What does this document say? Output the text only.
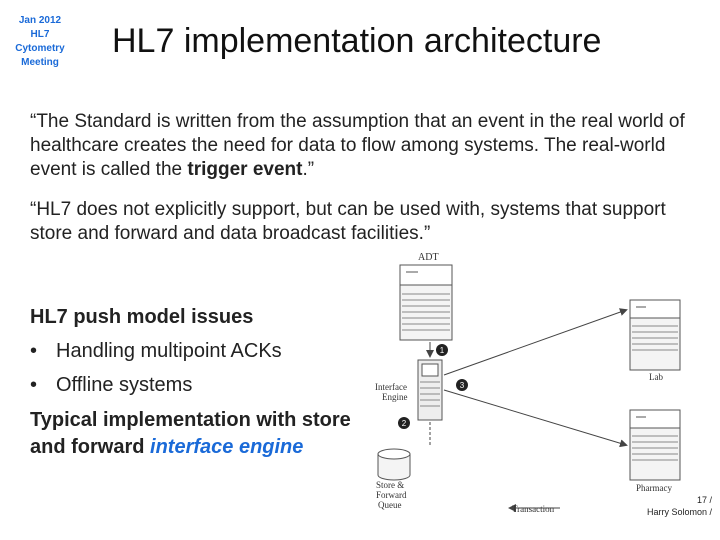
Jan 2012
HL7
Cytometry
Meeting
HL7 implementation architecture

“The Standard is written from the assumption that an event in the real world of healthcare creates the need for data to flow among systems. The real-world event is called the trigger event.”

“HL7 does not explicitly support, but can be used with, systems that support store and forward and data broadcast facilities.”

HL7 push model issues
• Handling multipoint ACKs
• Offline systems
Typical implementation with store and forward interface engine
ADT
Interface
Engine
Lab
Pharmacy
Store &
Forward
Queue	Transaction
1
2
3
17 /
Harry Solomon /
